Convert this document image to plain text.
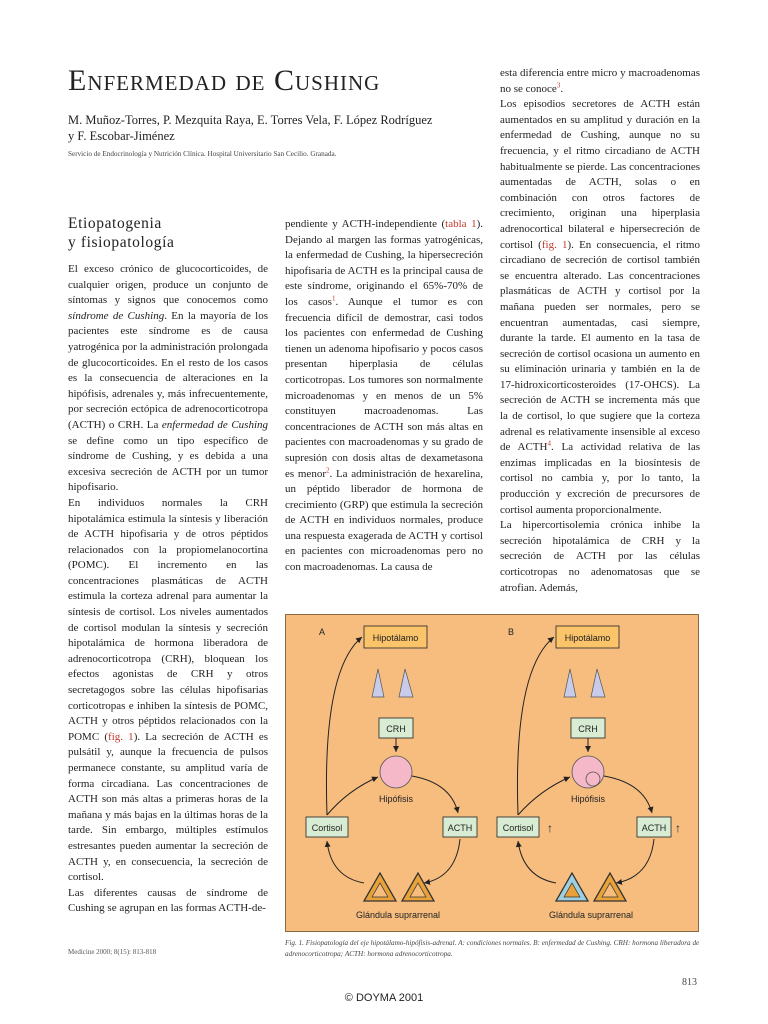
Enfermedad de Cushing
M. Muñoz-Torres, P. Mezquita Raya, E. Torres Vela, F. López Rodríguez y F. Escobar-Jiménez
Servicio de Endocrinología y Nutrición Clínica. Hospital Universitario San Cecilio. Granada.
Etiopatogenia
y fisiopatología

El exceso crónico de glucocorticoides, de cualquier origen, produce un conjunto de síntomas y signos que conocemos como síndrome de Cushing. En la mayoría de los pacientes este síndrome es de causa yatrogénica por la administración prolongada de glucocorticoides. En el resto de los casos es la consecuencia de alteraciones en la hipófisis, adrenales y, más infrecuentemente, por secreción ectópica de adrenocorticotropa (ACTH) o CRH. La enfermedad de Cushing se define como un tipo específico de síndrome de Cushing, y es debida a una excesiva secreción de ACTH por un tumor hipofisario.

En individuos normales la CRH hipotalámica estimula la síntesis y liberación de ACTH hipofisaria y de otros péptidos relacionados con la propiomelanocortina (POMC). El incremento en las concentraciones plasmáticas de ACTH estimula la corteza adrenal para aumentar la síntesis de cortisol. Los niveles aumentados de cortisol modulan la síntesis y secreción hipotalámica de hormona liberadora de adrenocorticotropa (CRH), bloquean los efectos agonistas de CRH y otros secretagogos sobre las células hipofisarias corticotropas e inhiben la síntesis de POMC, ACTH y otros péptidos relacionados con la POMC (fig. 1). La secreción de ACTH es pulsátil y, aunque la frecuencia de pulsos permanece constante, su amplitud varía de forma circadiana. Las concentraciones de ACTH son más altas a primeras horas de la mañana y más bajas en la últimas horas de la tarde. Sin embargo, múltiples estímulos estresantes pueden aumentar la secreción de ACTH y, en consecuencia, la secreción de cortisol.

Las diferentes causas de síndrome de Cushing se agrupan en las formas ACTH-de-

pendiente y ACTH-independiente (tabla 1). Dejando al margen las formas yatrogénicas, la enfermedad de Cushing, la hipersecreción hipofisaria de ACTH es la principal causa de este síndrome, originando el 65%-70% de los casos$^1$. Aunque el tumor es con frecuencia difícil de demostrar, casi todos los pacientes con enfermedad de Cushing tienen un adenoma hipofisario y pocos casos presentan hiperplasia de células corticotropas. Los tumores son normalmente microadenomas y en menos de un 5% constituyen macroadenomas. Las concentraciones de ACTH son más altas en pacientes con macroadenomas y su grado de supresión con dosis altas de dexametasona es menor$^2$. La administración de hexarelina, un péptido liberador de hormona de crecimiento (GRP) que estimula la secreción de ACTH en individuos normales, produce una respuesta exagerada de ACTH y cortisol en pacientes con microadenomas pero no con macroadenomas. La causa de

esta diferencia entre micro y macroadenomas no se conoce$^3$.

Los episodios secretores de ACTH están aumentados en su amplitud y duración en la enfermedad de Cushing, aunque no su frecuencia, y el ritmo circadiano de ACTH habitualmente se pierde. Las concentraciones aumentadas de ACTH, solas o en combinación con otros factores de crecimiento, originan una hiperplasia adrenocortical bilateral e hipersecreción de cortisol (fig. 1). En consecuencia, el ritmo circadiano de secreción de cortisol también se encuentra alterado. Las concentraciones plasmáticas de ACTH y cortisol por la mañana pueden ser normales, pero se encuentran aumentadas, casi siempre, durante la tarde. El aumento en la tasa de secreción de cortisol ocasiona un aumento en su eliminación urinaria y también en la de 17-hidroxicorticosteroides (17-OHCS). La secreción de ACTH se incrementa más que la de cortisol, lo que sugiere que la corteza adrenal es relativamente insensible al exceso de ACTH$^4$. La actividad relativa de las enzimas implicadas en la biosíntesis de cortisol no cambia y, por lo tanto, la producción y excreción de precursores de cortisol aumenta proporcionalmente.

La hipercortisolemia crónica inhibe la secreción hipotalámica de CRH y la secreción de ACTH por las células corticotropas no adenomatosas que se atrofian. Además,

A
Hipotálamo
CRH
Hipófisis
Cortisol	ACTH
Glándula suprarrenal
B
Hipotálamo
CRH
Hipófisis
Cortisol ↑	ACTH ↑
Glándula suprarrenal
Fig. 1. Fisiopatología del eje hipotálamo-hipófisis-adrenal. A: condiciones normales. B: enfermedad de Cushing. CRH: hormona liberadora de adrenocorticotropa; ACTH: hormona adrenocorticotropa.
Medicine 2000; 8(15): 813-818
813
© DOYMA 2001
